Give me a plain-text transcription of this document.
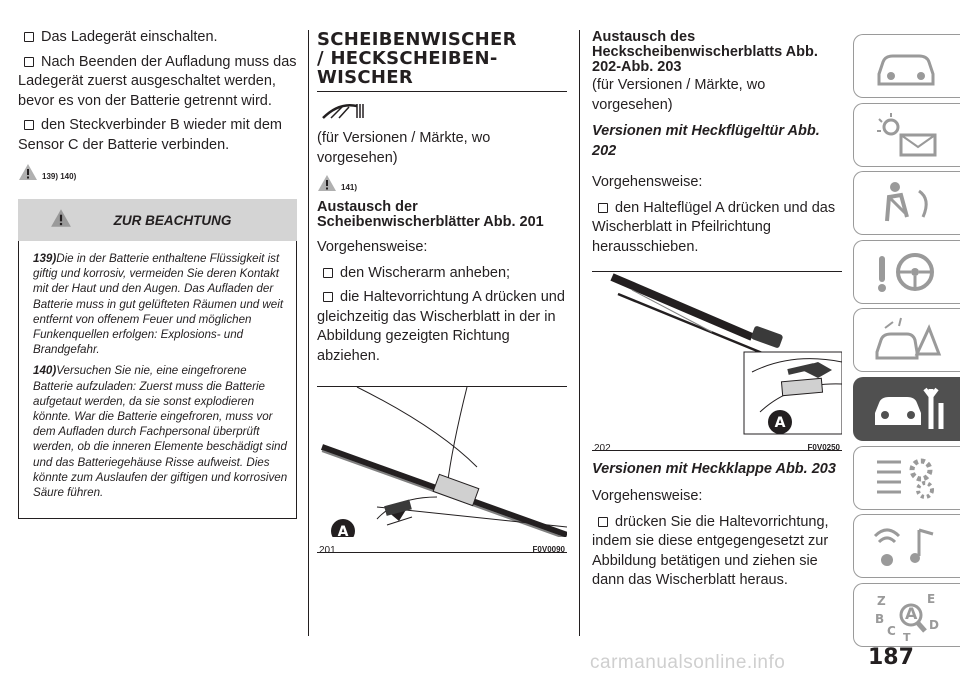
Das Ladegerät einschalten.
Nach Beenden der Aufladung muss das Ladegerät zuerst ausgeschaltet werden, bevor es von der Batterie getrennt wird.
den Steckverbinder B wieder mit dem Sensor C der Batterie verbinden.
139) 140)
ZUR BEACHTUNG

139)Die in der Batterie enthaltene Flüssigkeit ist giftig und korrosiv, vermeiden Sie deren Kontakt mit der Haut und den Augen. Das Aufladen der Batterie muss in gut gelüfteten Räumen und weit entfernt von offenem Feuer und möglichen Funkenquellen erfolgen: Explosions- und Brandgefahr.

140)Versuchen Sie nie, eine eingefrorene Batterie aufzuladen: Zuerst muss die Batterie aufgetaut werden, da sie sonst explodieren könnte. War die Batterie eingefroren, muss vor dem Aufladen durch Fachpersonal überprüft werden, ob die inneren Elemente beschädigt sind und das Batteriegehäuse Risse aufweist. Dies könnte zum Auslaufen der giftigen und korrosiven Säure führen.

SCHEIBENWISCHER
/ HECKSCHEIBEN-
WISCHER
(für Versionen / Märkte, wo vorgesehen)
141)
Austausch der
Scheibenwischerblätter Abb. 201
Vorgehensweise:
den Wischerarm anheben;
die Haltevorrichtung A drücken und gleichzeitig das Wischerblatt in der in Abbildung gezeigten Richtung abziehen.
A
201	F0V0090
Austausch des
Heckscheibenwischerblatts Abb.
202-Abb. 203
(für Versionen / Märkte, wo vorgesehen)
Versionen mit Heckflügeltür Abb.
202
Vorgehensweise:
den Halteflügel A drücken und das Wischerblatt in Pfeilrichtung herausschieben.
A
202	F0V0250
Versionen mit Heckklappe Abb. 203
Vorgehensweise:
drücken Sie die Haltevorrichtung, indem sie diese entgegengesetzt zur Abbildung betätigen und ziehen sie dann das Wischerblatt heraus.
Z	E
B A
C	D
T
carmanualsonline.info	187
